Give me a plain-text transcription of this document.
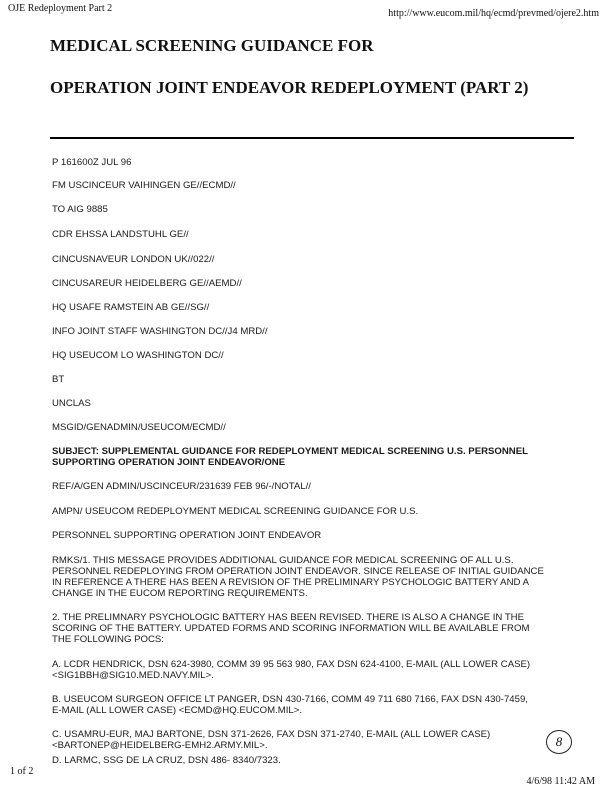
OJE Redeployment Part 2	http://www.eucom.mil/hq/ecmd/prevmed/ojere2.htm
MEDICAL SCREENING GUIDANCE FOR
OPERATION JOINT ENDEAVOR REDEPLOYMENT (PART 2)
P 161600Z JUL 96
FM USCINCEUR VAIHINGEN GE//ECMD//
TO AIG 9885
CDR EHSSA LANDSTUHL GE//
CINCUSNAVEUR LONDON UK//022//
CINCUSAREUR HEIDELBERG GE//AEMD//
HQ USAFE RAMSTEIN AB GE//SG//
INFO JOINT STAFF WASHINGTON DC//J4 MRD//
HQ USEUCOM LO WASHINGTON DC//
BT
UNCLAS
MSGID/GENADMIN/USEUCOM/ECMD//
SUBJECT: SUPPLEMENTAL GUIDANCE FOR REDEPLOYMENT MEDICAL SCREENING U.S. PERSONNEL
SUPPORTING OPERATION JOINT ENDEAVOR/ONE
REF/A/GEN ADMIN/USCINCEUR/231639 FEB 96/-/NOTAL//
AMPN/ USEUCOM REDEPLOYMENT MEDICAL SCREENING GUIDANCE FOR U.S.
PERSONNEL SUPPORTING OPERATION JOINT ENDEAVOR
RMKS/1. THIS MESSAGE PROVIDES ADDITIONAL GUIDANCE FOR MEDICAL SCREENING OF ALL U.S.
PERSONNEL REDEPLOYING FROM OPERATION JOINT ENDEAVOR. SINCE RELEASE OF INITIAL GUIDANCE
IN REFERENCE A THERE HAS BEEN A REVISION OF THE PRELIMINARY PSYCHOLOGIC BATTERY AND A
CHANGE IN THE EUCOM REPORTING REQUIREMENTS.
2. THE PRELIMNARY PSYCHOLOGIC BATTERY HAS BEEN REVISED. THERE IS ALSO A CHANGE IN THE
SCORING OF THE BATTERY. UPDATED FORMS AND SCORING INFORMATION WILL BE AVAILABLE FROM
THE FOLLOWING POCS:
A. LCDR HENDRICK, DSN 624-3980, COMM 39 95 563 980, FAX DSN 624-4100, E-MAIL (ALL LOWER CASE)
<SIG1BBH@SIG10.MED.NAVY.MIL>.
B. USEUCOM SURGEON OFFICE LT PANGER, DSN 430-7166, COMM 49 711 680 7166, FAX DSN 430-7459,
E-MAIL (ALL LOWER CASE) <ECMD@HQ.EUCOM.MIL>.
C. USAMRU-EUR, MAJ BARTONE, DSN 371-2626, FAX DSN 371-2740, E-MAIL (ALL LOWER CASE)
<BARTONEP@HEIDELBERG-EMH2.ARMY.MIL>.
D. LARMC, SSG DE LA CRUZ, DSN 486- 8340/7323.
8
1 of 2
4/6/98 11:42 AM
